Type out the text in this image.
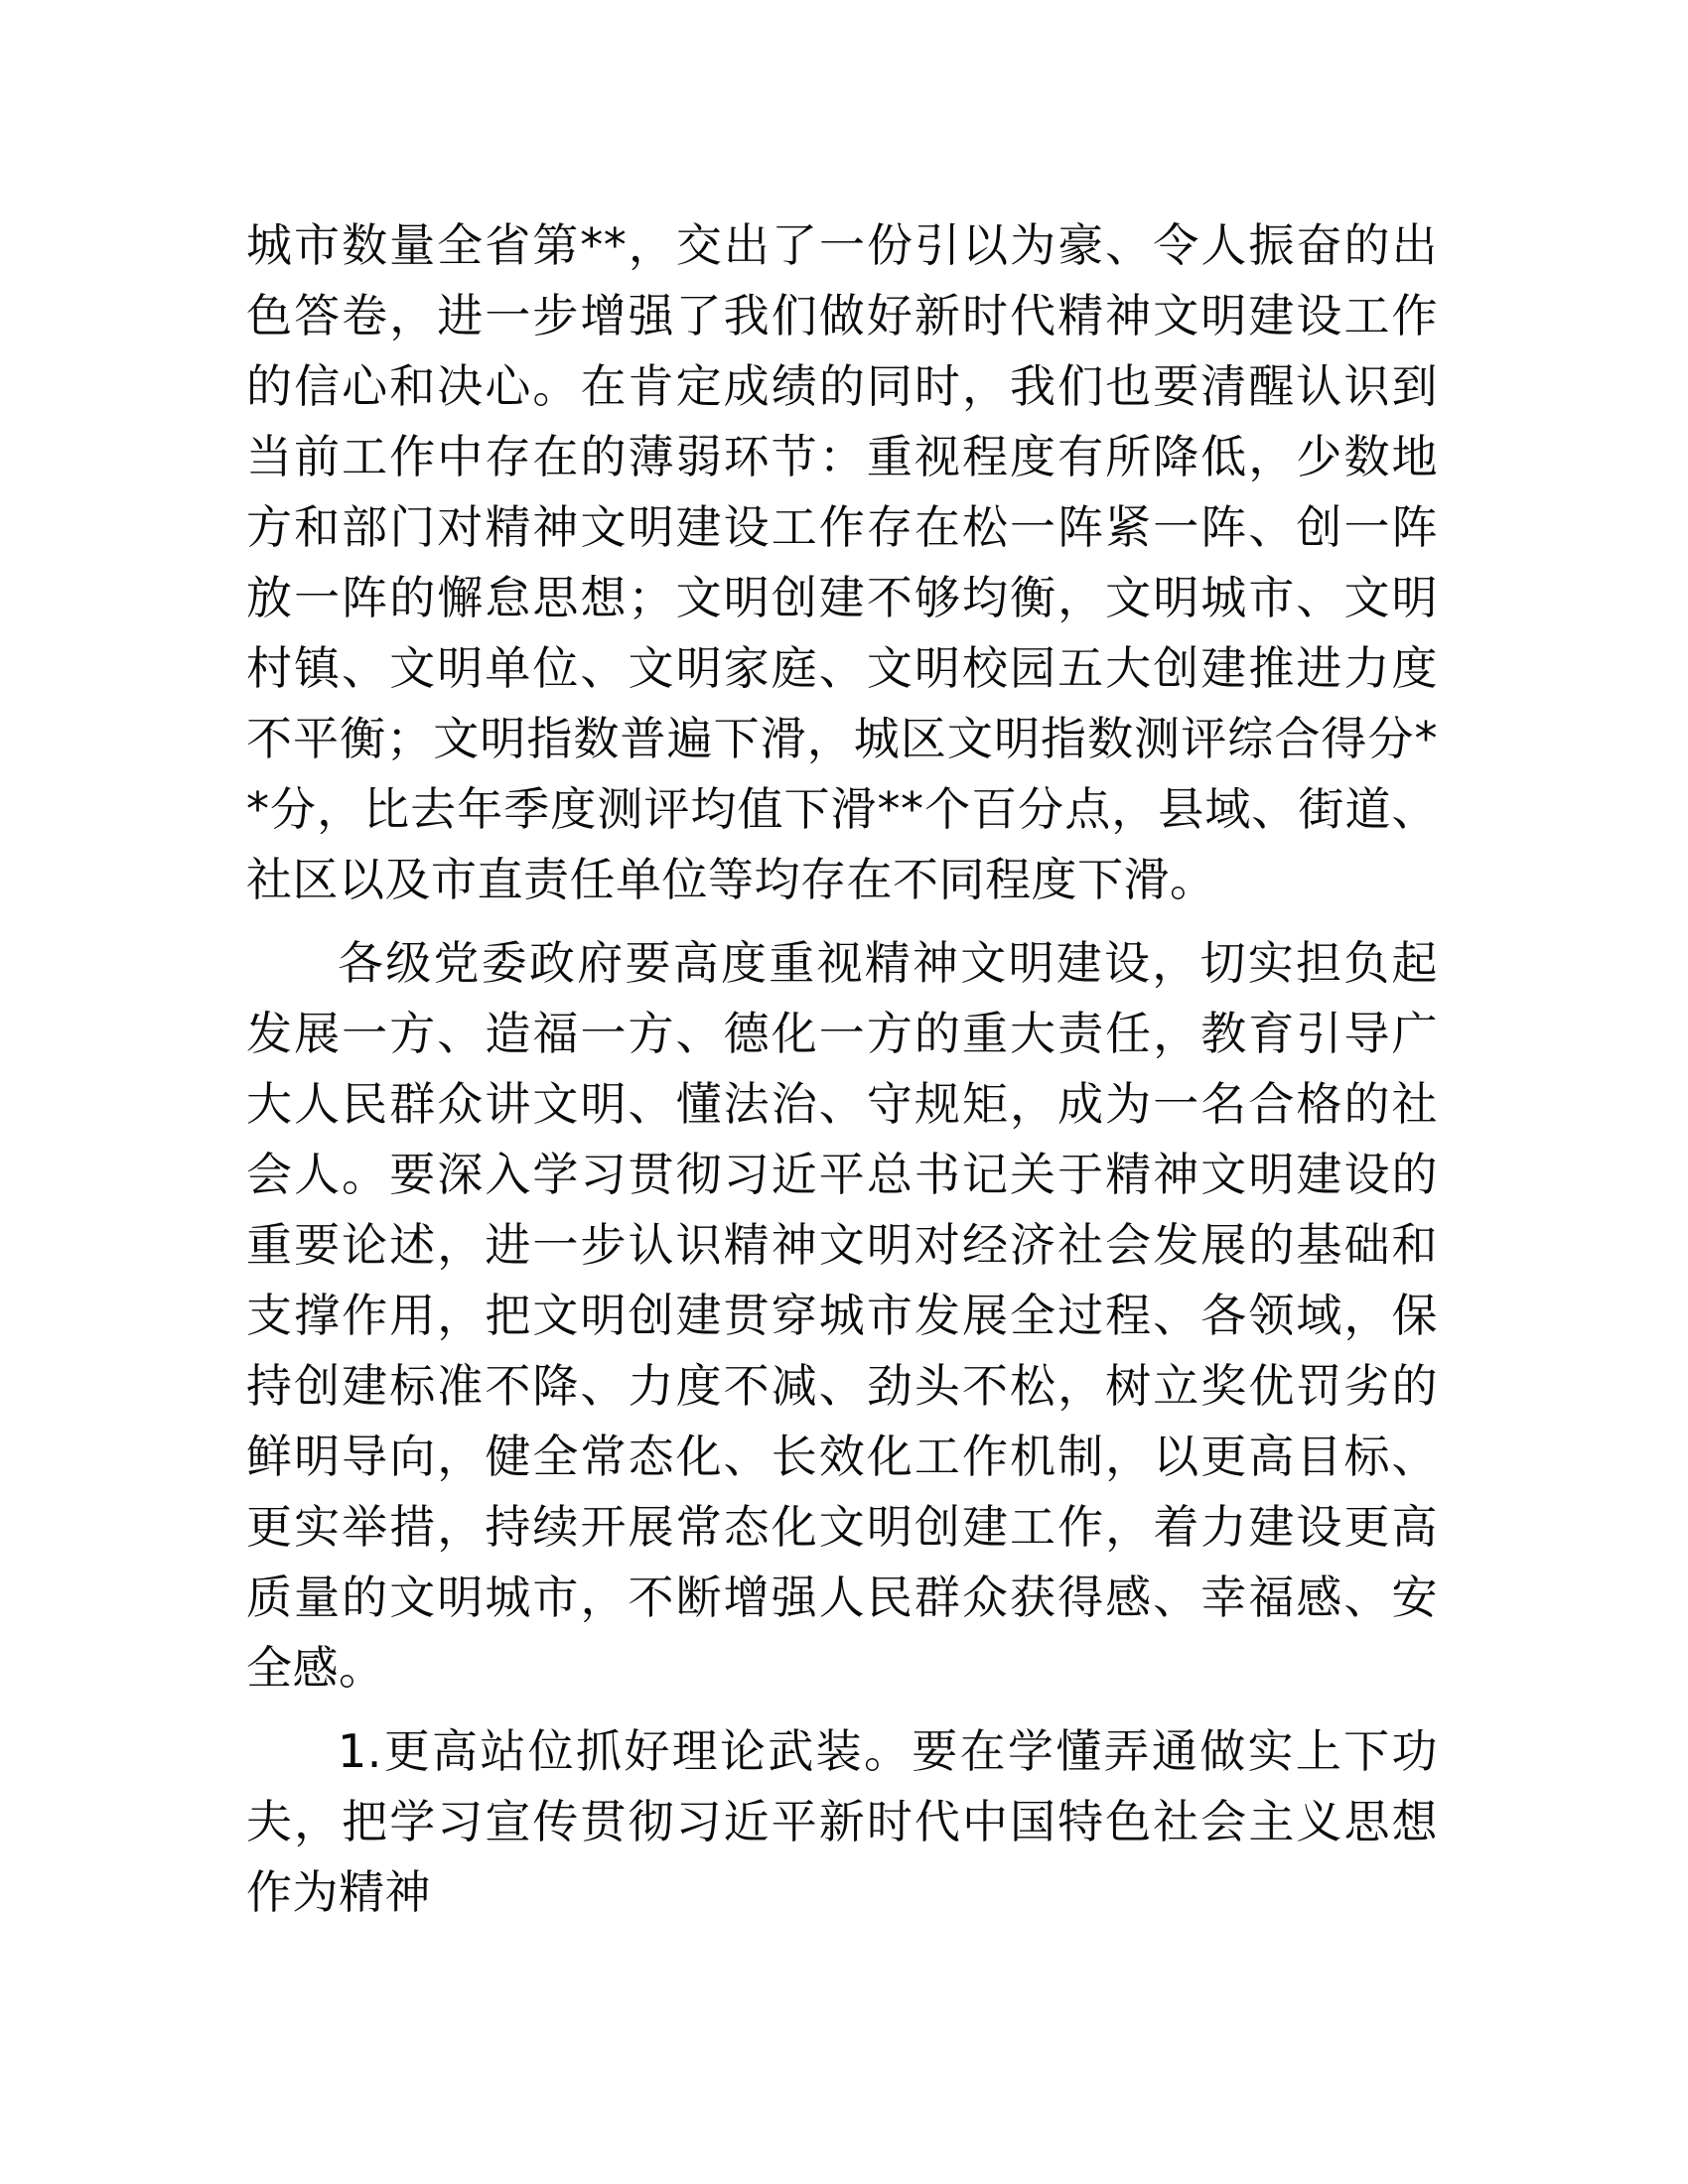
城市数量全省第**，交出了一份引以为豪、令人振奋的出色答卷，进一步增强了我们做好新时代精神文明建设工作的信心和决心。在肯定成绩的同时，我们也要清醒认识到当前工作中存在的薄弱环节：重视程度有所降低，少数地方和部门对精神文明建设工作存在松一阵紧一阵、创一阵放一阵的懈怠思想；文明创建不够均衡，文明城市、文明村镇、文明单位、文明家庭、文明校园五大创建推进力度不平衡；文明指数普遍下滑，城区文明指数测评综合得分**分，比去年季度测评均值下滑**个百分点，县域、街道、社区以及市直责任单位等均存在不同程度下滑。

各级党委政府要高度重视精神文明建设，切实担负起发展一方、造福一方、德化一方的重大责任，教育引导广大人民群众讲文明、懂法治、守规矩，成为一名合格的社会人。要深入学习贯彻习近平总书记关于精神文明建设的重要论述，进一步认识精神文明对经济社会发展的基础和支撑作用，把文明创建贯穿城市发展全过程、各领域，保持创建标准不降、力度不减、劲头不松，树立奖优罚劣的鲜明导向，健全常态化、长效化工作机制，以更高目标、更实举措，持续开展常态化文明创建工作，着力建设更高质量的文明城市，不断增强人民群众获得感、幸福感、安全感。

1.更高站位抓好理论武装。要在学懂弄通做实上下功夫，把学习宣传贯彻习近平新时代中国特色社会主义思想作为精神
